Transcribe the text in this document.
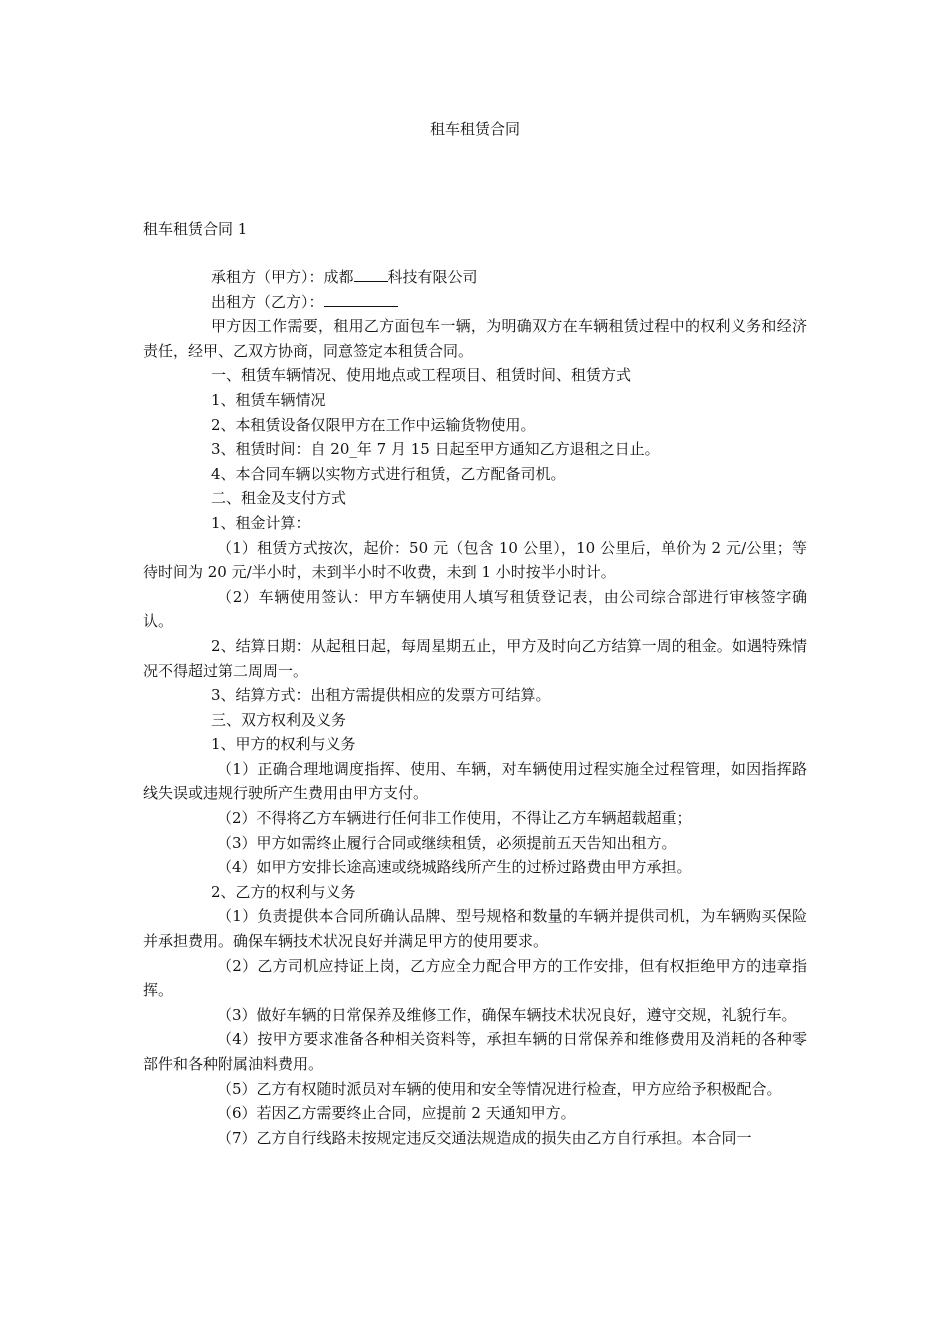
租车租赁合同
租车租赁合同 1

承租方（甲方）：成都 科技有限公司

出租方（乙方）：

甲方因工作需要，租用乙方面包车一辆，为明确双方在车辆租赁过程中的权利义务和经济责任，经甲、乙双方协商，同意签定本租赁合同。

一、租赁车辆情况、使用地点或工程项目、租赁时间、租赁方式

1、租赁车辆情况

2、本租赁设备仅限甲方在工作中运输货物使用。

3、租赁时间：自 20_年 7 月 15 日起至甲方通知乙方退租之日止。

4、本合同车辆以实物方式进行租赁，乙方配备司机。

二、租金及支付方式

1、租金计算：

（1）租赁方式按次，起价：50 元（包含 10 公里），10 公里后，单价为 2 元/公里；等待时间为 20 元/半小时，未到半小时不收费，未到 1 小时按半小时计。

（2）车辆使用签认：甲方车辆使用人填写租赁登记表，由公司综合部进行审核签字确认。

2、结算日期：从起租日起，每周星期五止，甲方及时向乙方结算一周的租金。如遇特殊情况不得超过第二周周一。

3、结算方式：出租方需提供相应的发票方可结算。

三、双方权利及义务

1、甲方的权利与义务

（1）正确合理地调度指挥、使用、车辆，对车辆使用过程实施全过程管理，如因指挥路线失误或违规行驶所产生费用由甲方支付。

（2）不得将乙方车辆进行任何非工作使用，不得让乙方车辆超载超重；

（3）甲方如需终止履行合同或继续租赁，必须提前五天告知出租方。

（4）如甲方安排长途高速或绕城路线所产生的过桥过路费由甲方承担。

2、乙方的权利与义务

（1）负责提供本合同所确认品牌、型号规格和数量的车辆并提供司机，为车辆购买保险并承担费用。确保车辆技术状况良好并满足甲方的使用要求。

（2）乙方司机应持证上岗，乙方应全力配合甲方的工作安排，但有权拒绝甲方的违章指挥。

（3）做好车辆的日常保养及维修工作，确保车辆技术状况良好，遵守交规，礼貌行车。

（4）按甲方要求准备各种相关资料等，承担车辆的日常保养和维修费用及消耗的各种零部件和各种附属油料费用。

（5）乙方有权随时派员对车辆的使用和安全等情况进行检查，甲方应给予积极配合。

（6）若因乙方需要终止合同，应提前 2 天通知甲方。

（7）乙方自行线路未按规定违反交通法规造成的损失由乙方自行承担。本合同一
